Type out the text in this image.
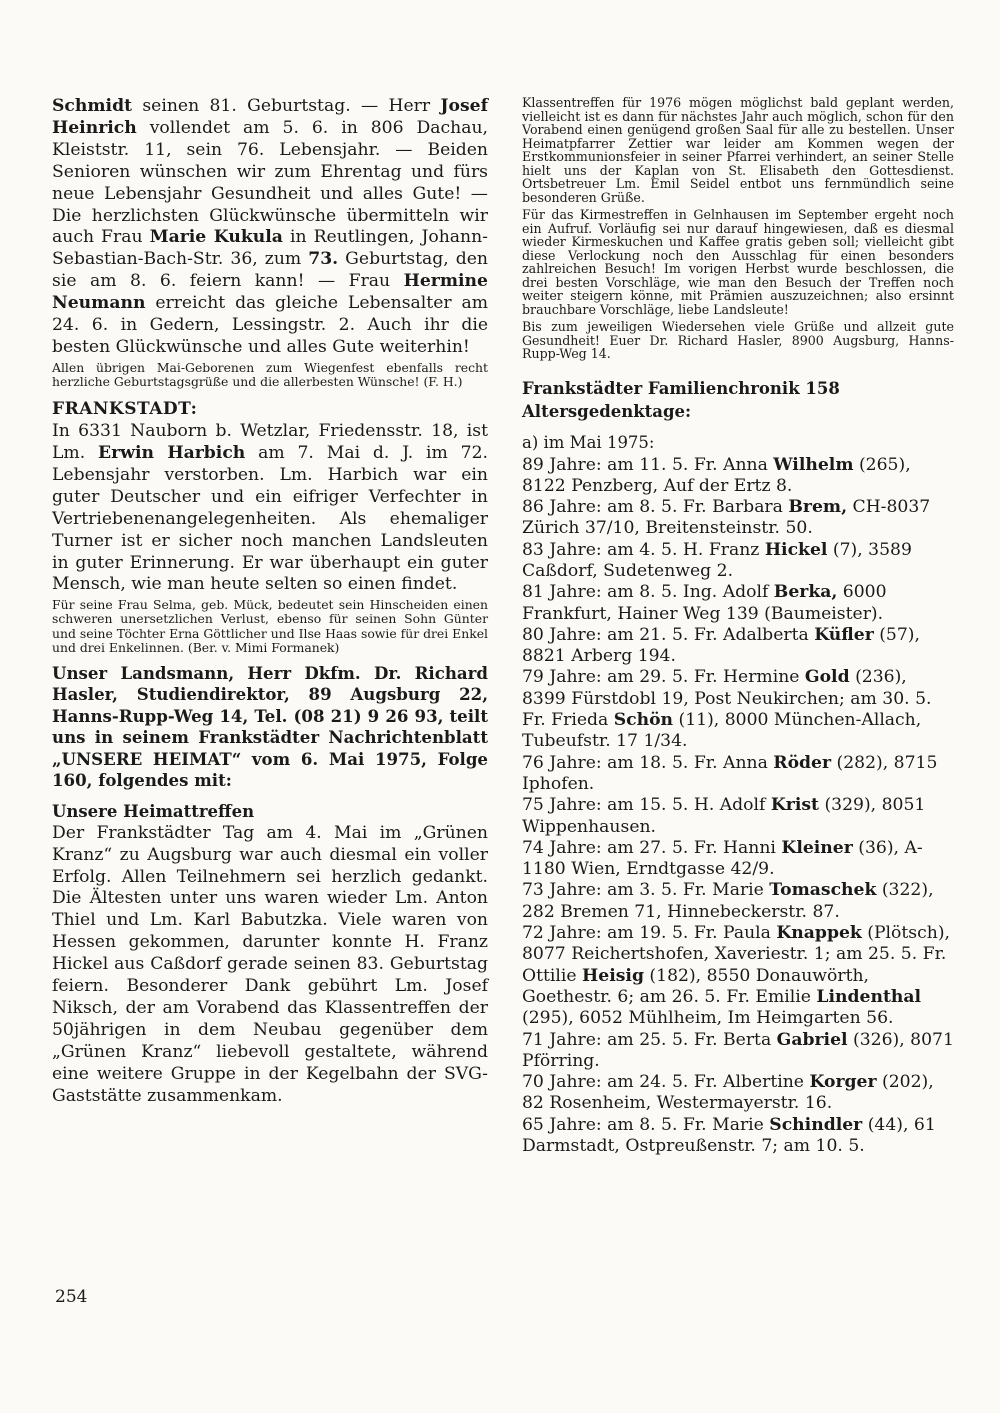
Schmidt seinen 81. Geburtstag. — Herr Josef Heinrich vollendet am 5. 6. in 806 Dachau, Kleiststr. 11, sein 76. Lebensjahr. — Beiden Senioren wünschen wir zum Ehrentag und fürs neue Lebensjahr Gesundheit und alles Gute! — Die herzlichsten Glückwünsche übermitteln wir auch Frau Marie Kukula in Reutlingen, Johann-Sebastian-Bach-Str. 36, zum 73. Geburtstag, den sie am 8. 6. feiern kann! — Frau Hermine Neumann erreicht das gleiche Lebensalter am 24. 6. in Gedern, Lessingstr. 2. Auch ihr die besten Glückwünsche und alles Gute weiterhin!

Allen übrigen Mai-Geborenen zum Wiegenfest ebenfalls recht herzliche Geburtstagsgrüße und die allerbesten Wünsche! (F. H.)

FRANKSTADT:

In 6331 Nauborn b. Wetzlar, Friedensstr. 18, ist Lm. Erwin Harbich am 7. Mai d. J. im 72. Lebensjahr verstorben. Lm. Harbich war ein guter Deutscher und ein eifriger Verfechter in Vertriebenenangelegenheiten. Als ehemaliger Turner ist er sicher noch manchen Landsleuten in guter Erinnerung. Er war überhaupt ein guter Mensch, wie man heute selten so einen findet.

Für seine Frau Selma, geb. Mück, bedeutet sein Hinscheiden einen schweren unersetzlichen Verlust, ebenso für seinen Sohn Günter und seine Töchter Erna Göttlicher und Ilse Haas sowie für drei Enkel und drei Enkelinnen. (Ber. v. Mimi Formanek)

Unser Landsmann, Herr Dkfm. Dr. Richard Hasler, Studiendirektor, 89 Augsburg 22, Hanns-Rupp-Weg 14, Tel. (08 21) 9 26 93, teilt uns in seinem Frankstädter Nachrichtenblatt „UNSERE HEIMAT“ vom 6. Mai 1975, Folge 160, folgendes mit:

Unsere Heimattreffen

Der Frankstädter Tag am 4. Mai im „Grünen Kranz“ zu Augsburg war auch diesmal ein voller Erfolg. Allen Teilnehmern sei herzlich gedankt. Die Ältesten unter uns waren wieder Lm. Anton Thiel und Lm. Karl Babutzka. Viele waren von Hessen gekommen, darunter konnte H. Franz Hickel aus Caßdorf gerade seinen 83. Geburtstag feiern. Besonderer Dank gebührt Lm. Josef Niksch, der am Vorabend das Klassentreffen der 50jährigen in dem Neubau gegenüber dem „Grünen Kranz“ liebevoll gestaltete, während eine weitere Gruppe in der Kegelbahn der SVG-Gaststätte zusammenkam.

Klassentreffen für 1976 mögen möglichst bald geplant werden, vielleicht ist es dann für nächstes Jahr auch möglich, schon für den Vorabend einen genügend großen Saal für alle zu bestellen. Unser Heimatpfarrer Zettier war leider am Kommen wegen der Erstkommunionsfeier in seiner Pfarrei verhindert, an seiner Stelle hielt uns der Kaplan von St. Elisabeth den Gottesdienst. Ortsbetreuer Lm. Emil Seidel entbot uns fernmündlich seine besonderen Grüße.

Für das Kirmestreffen in Gelnhausen im September ergeht noch ein Aufruf. Vorläufig sei nur darauf hingewiesen, daß es diesmal wieder Kirmeskuchen und Kaffee gratis geben soll; vielleicht gibt diese Verlockung noch den Ausschlag für einen besonders zahlreichen Besuch! Im vorigen Herbst wurde beschlossen, die drei besten Vorschläge, wie man den Besuch der Treffen noch weiter steigern könne, mit Prämien auszuzeichnen; also ersinnt brauchbare Vorschläge, liebe Landsleute!

Bis zum jeweiligen Wiedersehen viele Grüße und allzeit gute Gesundheit! Euer Dr. Richard Hasler, 8900 Augsburg, Hanns-Rupp-Weg 14.

Frankstädter Familienchronik 158
Altersgedenktage:

a) im Mai 1975:

89 Jahre: am 11. 5. Fr. Anna Wilhelm (265), 8122 Penzberg, Auf der Ertz 8.

86 Jahre: am 8. 5. Fr. Barbara Brem, CH-8037 Zürich 37/10, Breitensteinstr. 50.

83 Jahre: am 4. 5. H. Franz Hickel (7), 3589 Caßdorf, Sudetenweg 2.

81 Jahre: am 8. 5. Ing. Adolf Berka, 6000 Frankfurt, Hainer Weg 139 (Baumeister).

80 Jahre: am 21. 5. Fr. Adalberta Küfler (57), 8821 Arberg 194.

79 Jahre: am 29. 5. Fr. Hermine Gold (236), 8399 Fürstdobl 19, Post Neukirchen; am 30. 5. Fr. Frieda Schön (11), 8000 München-Allach, Tubeufstr. 17 1/34.

76 Jahre: am 18. 5. Fr. Anna Röder (282), 8715 Iphofen.

75 Jahre: am 15. 5. H. Adolf Krist (329), 8051 Wippenhausen.

74 Jahre: am 27. 5. Fr. Hanni Kleiner (36), A-1180 Wien, Erndtgasse 42/9.

73 Jahre: am 3. 5. Fr. Marie Tomaschek (322), 282 Bremen 71, Hinnebeckerstr. 87.

72 Jahre: am 19. 5. Fr. Paula Knappek (Plötsch), 8077 Reichertshofen, Xaveriestr. 1; am 25. 5. Fr. Ottilie Heisig (182), 8550 Donauwörth, Goethestr. 6; am 26. 5. Fr. Emilie Lindenthal (295), 6052 Mühlheim, Im Heimgarten 56.

71 Jahre: am 25. 5. Fr. Berta Gabriel (326), 8071 Pförring.

70 Jahre: am 24. 5. Fr. Albertine Korger (202), 82 Rosenheim, Westermayerstr. 16.

65 Jahre: am 8. 5. Fr. Marie Schindler (44), 61 Darmstadt, Ostpreußenstr. 7; am 10. 5.

254
